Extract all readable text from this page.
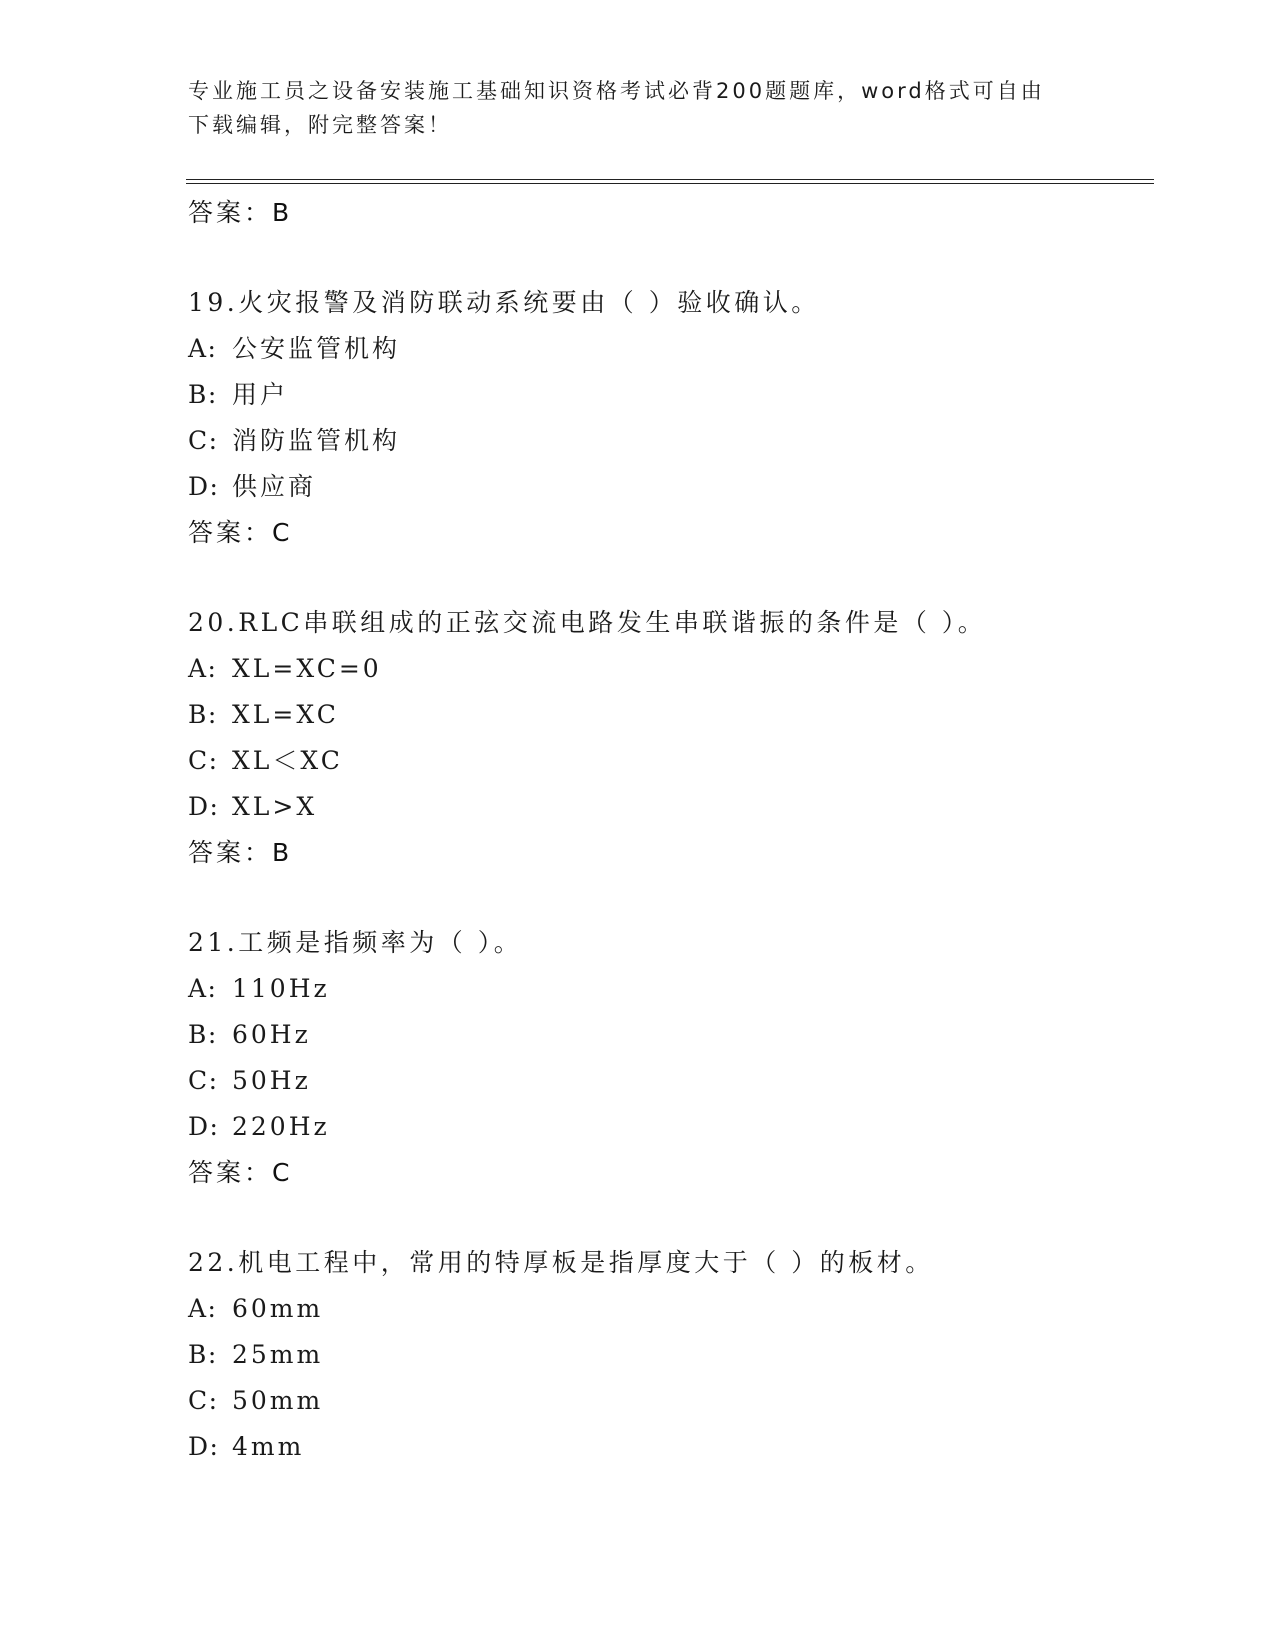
专业施工员之设备安装施工基础知识资格考试必背200题题库，word格式可自由
下载编辑，附完整答案！
答案：B
19.火灾报警及消防联动系统要由（ ）验收确认。
A: 公安监管机构
B: 用户
C: 消防监管机构
D: 供应商
答案：C
20.RLC串联组成的正弦交流电路发生串联谐振的条件是（ ）。
A: XL=XC=0
B: XL=XC
C: XL＜XC
D: XL>X
答案：B
21.工频是指频率为（ ）。
A: 110Hz
B: 60Hz
C: 50Hz
D: 220Hz
答案：C
22.机电工程中，常用的特厚板是指厚度大于（ ）的板材。
A: 60mm
B: 25mm
C: 50mm
D: 4mm
